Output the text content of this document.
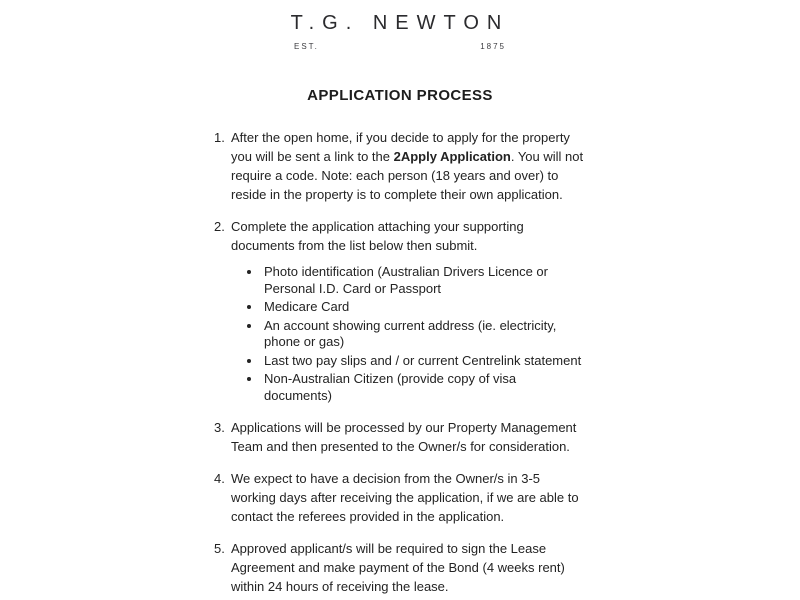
T.G. NEWTON
EST.	1875
APPLICATION PROCESS
1. After the open home, if you decide to apply for the property you will be sent a link to the 2Apply Application. You will not require a code. Note: each person (18 years and over) to reside in the property is to complete their own application.
2. Complete the application attaching your supporting documents from the list below then submit.
• Photo identification (Australian Drivers Licence or Personal I.D. Card or Passport
• Medicare Card
• An account showing current address (ie. electricity, phone or gas)
• Last two pay slips and / or current Centrelink statement
• Non-Australian Citizen (provide copy of visa documents)
3. Applications will be processed by our Property Management Team and then presented to the Owner/s for consideration.
4. We expect to have a decision from the Owner/s in 3-5 working days after receiving the application, if we are able to contact the referees provided in the application.
5. Approved applicant/s will be required to sign the Lease Agreement and make payment of the Bond (4 weeks rent) within 24 hours of receiving the lease.
